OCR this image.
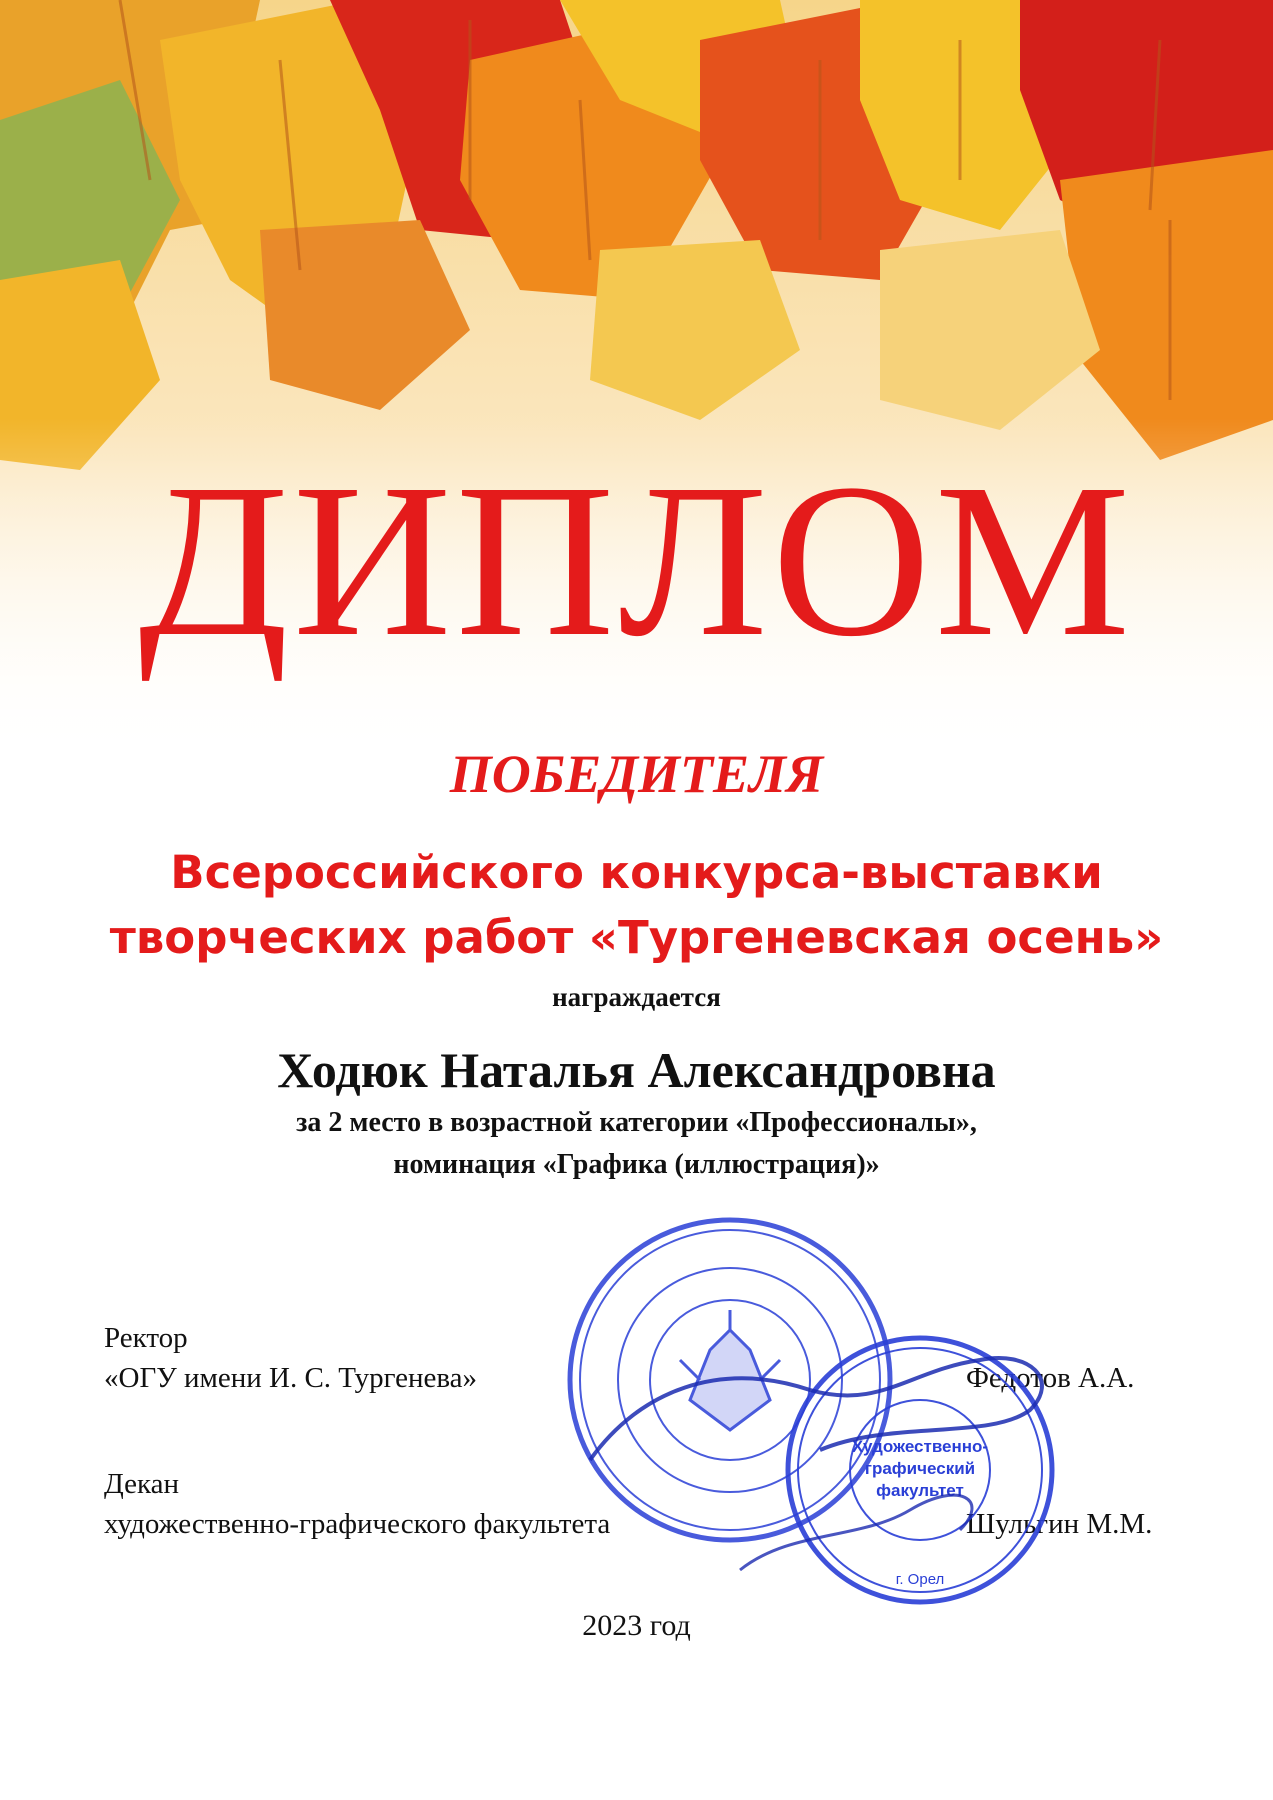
ДИПЛОМ
ПОБЕДИТЕЛЯ
Всероссийского конкурса-выставки
творческих работ «Тургеневская осень»
награждается
Ходюк Наталья Александровна
за 2 место в возрастной категории «Профессионалы»,
номинация «Графика (иллюстрация)»
Ректор
«ОГУ имени И. С. Тургенева»	Федотов А.А.
Декан
художественно-графического факультета	Шульгин М.М.
Художественно-
графический
факультет
г. Орел
2023 год
